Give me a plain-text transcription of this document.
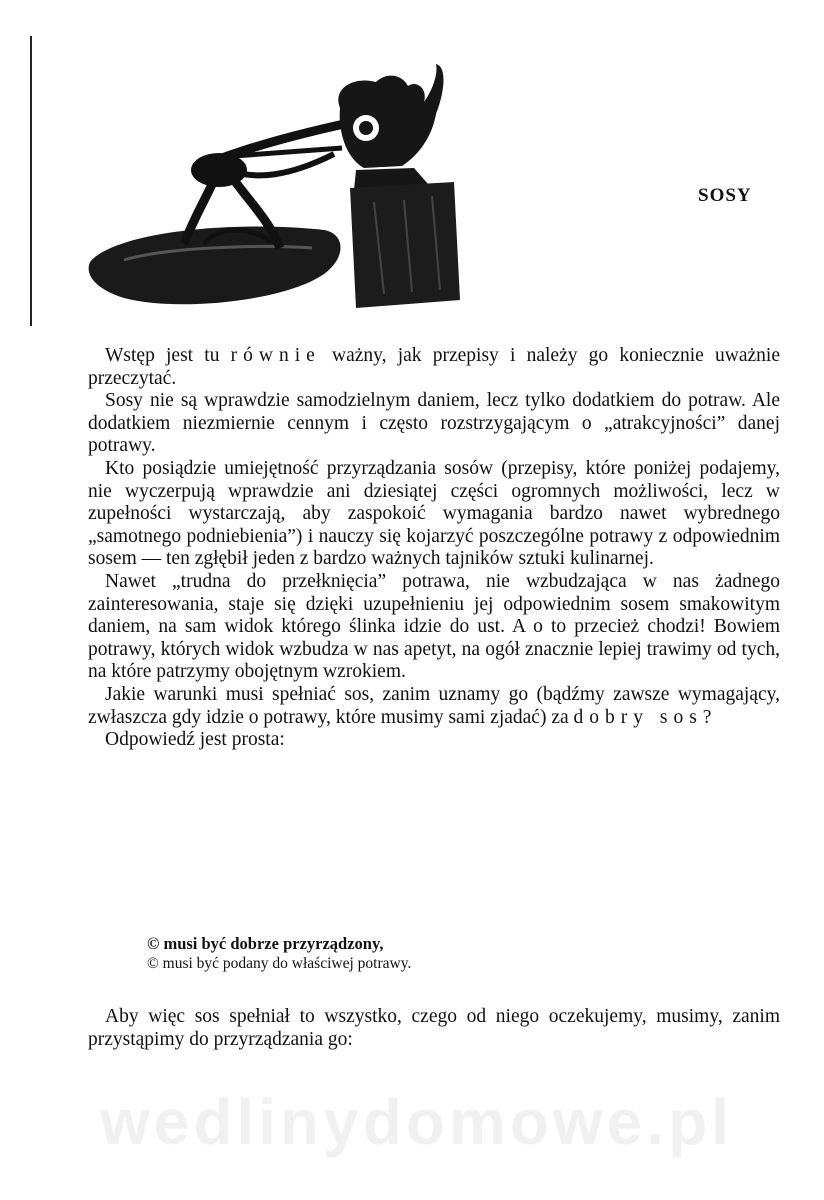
SOSY

Wstęp jest tu równie ważny, jak przepisy i należy go koniecznie uważnie przeczytać.

Sosy nie są wprawdzie samodzielnym daniem, lecz tylko dodatkiem do potraw. Ale dodatkiem niezmiernie cennym i często rozstrzygającym o „atrakcyjności” danej potrawy.

Kto posiądzie umiejętność przyrządzania sosów (przepisy, które poniżej podajemy, nie wyczerpują wprawdzie ani dziesiątej części ogromnych możliwości, lecz w zupełności wystarczają, aby zaspokoić wymagania bardzo nawet wybrednego „samotnego podniebienia”) i nauczy się kojarzyć poszczególne potrawy z odpowiednim sosem — ten zgłębił jeden z bardzo ważnych tajników sztuki kulinarnej.

Nawet „trudna do przełknięcia” potrawa, nie wzbudzająca w nas żadnego zainteresowania, staje się dzięki uzupełnieniu jej odpowiednim sosem smakowitym daniem, na sam widok którego ślinka idzie do ust. A o to przecież chodzi! Bowiem potrawy, których widok wzbudza w nas apetyt, na ogół znacznie lepiej trawimy od tych, na które patrzymy obojętnym wzrokiem.

Jakie warunki musi spełniać sos, zanim uznamy go (bądźmy zawsze wymagający, zwłaszcza gdy idzie o potrawy, które musimy sami zjadać) za dobry sos?

Odpowiedź jest prosta:

© musi być dobrze przyrządzony,
© musi być podany do właściwej potrawy.

Aby więc sos spełniał to wszystko, czego od niego oczekujemy, musimy, zanim przystąpimy do przyrządzania go:

wedlinydomowe.pl
